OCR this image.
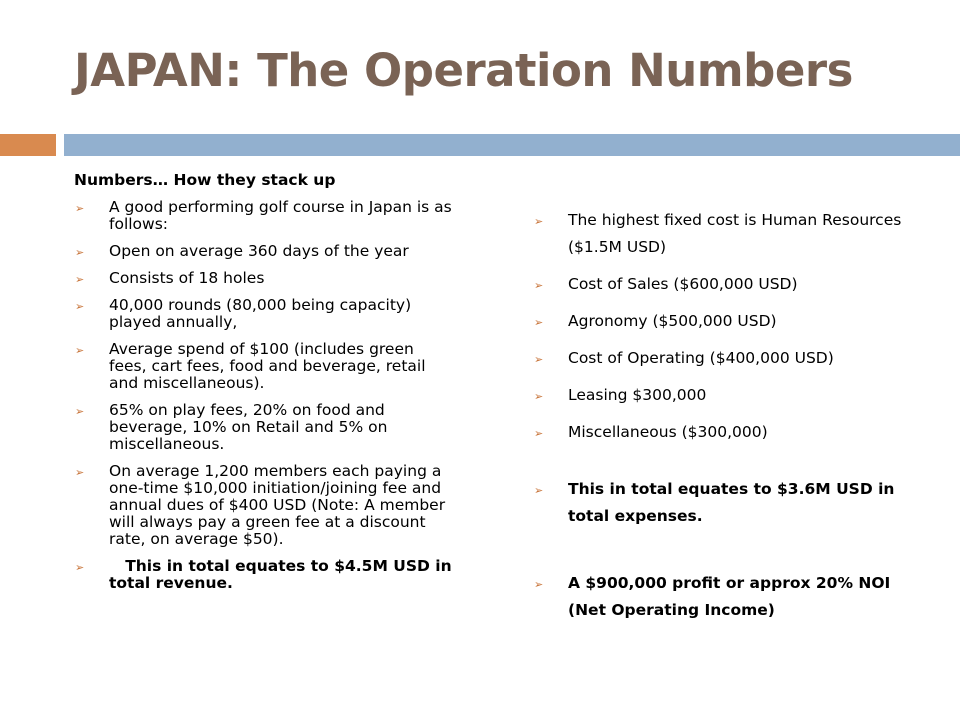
JAPAN: The Operation Numbers
Numbers… How they stack up
➢ A good performing golf course in Japan is as follows:
➢ Open on average 360 days of the year
➢ Consists of 18 holes
➢ 40,000 rounds (80,000 being capacity) played annually,
➢ Average spend of $100 (includes green fees, cart fees, food and beverage, retail and miscellaneous).
➢ 65% on play fees, 20% on food and beverage, 10% on Retail and 5% on miscellaneous.
➢ On average 1,200 members each paying a one-time $10,000 initiation/joining fee and annual dues of $400 USD (Note: A member will always pay a green fee at a discount rate, on average $50).
➢ This in total equates to $4.5M USD in total revenue.
➢ The highest fixed cost is Human Resources ($1.5M USD)
➢ Cost of Sales ($600,000 USD)
➢ Agronomy ($500,000 USD)
➢ Cost of Operating ($400,000 USD)
➢ Leasing $300,000
➢ Miscellaneous ($300,000)
➢ This in total equates to $3.6M USD in total expenses.
➢ A $900,000 profit or approx 20% NOI (Net Operating Income)
